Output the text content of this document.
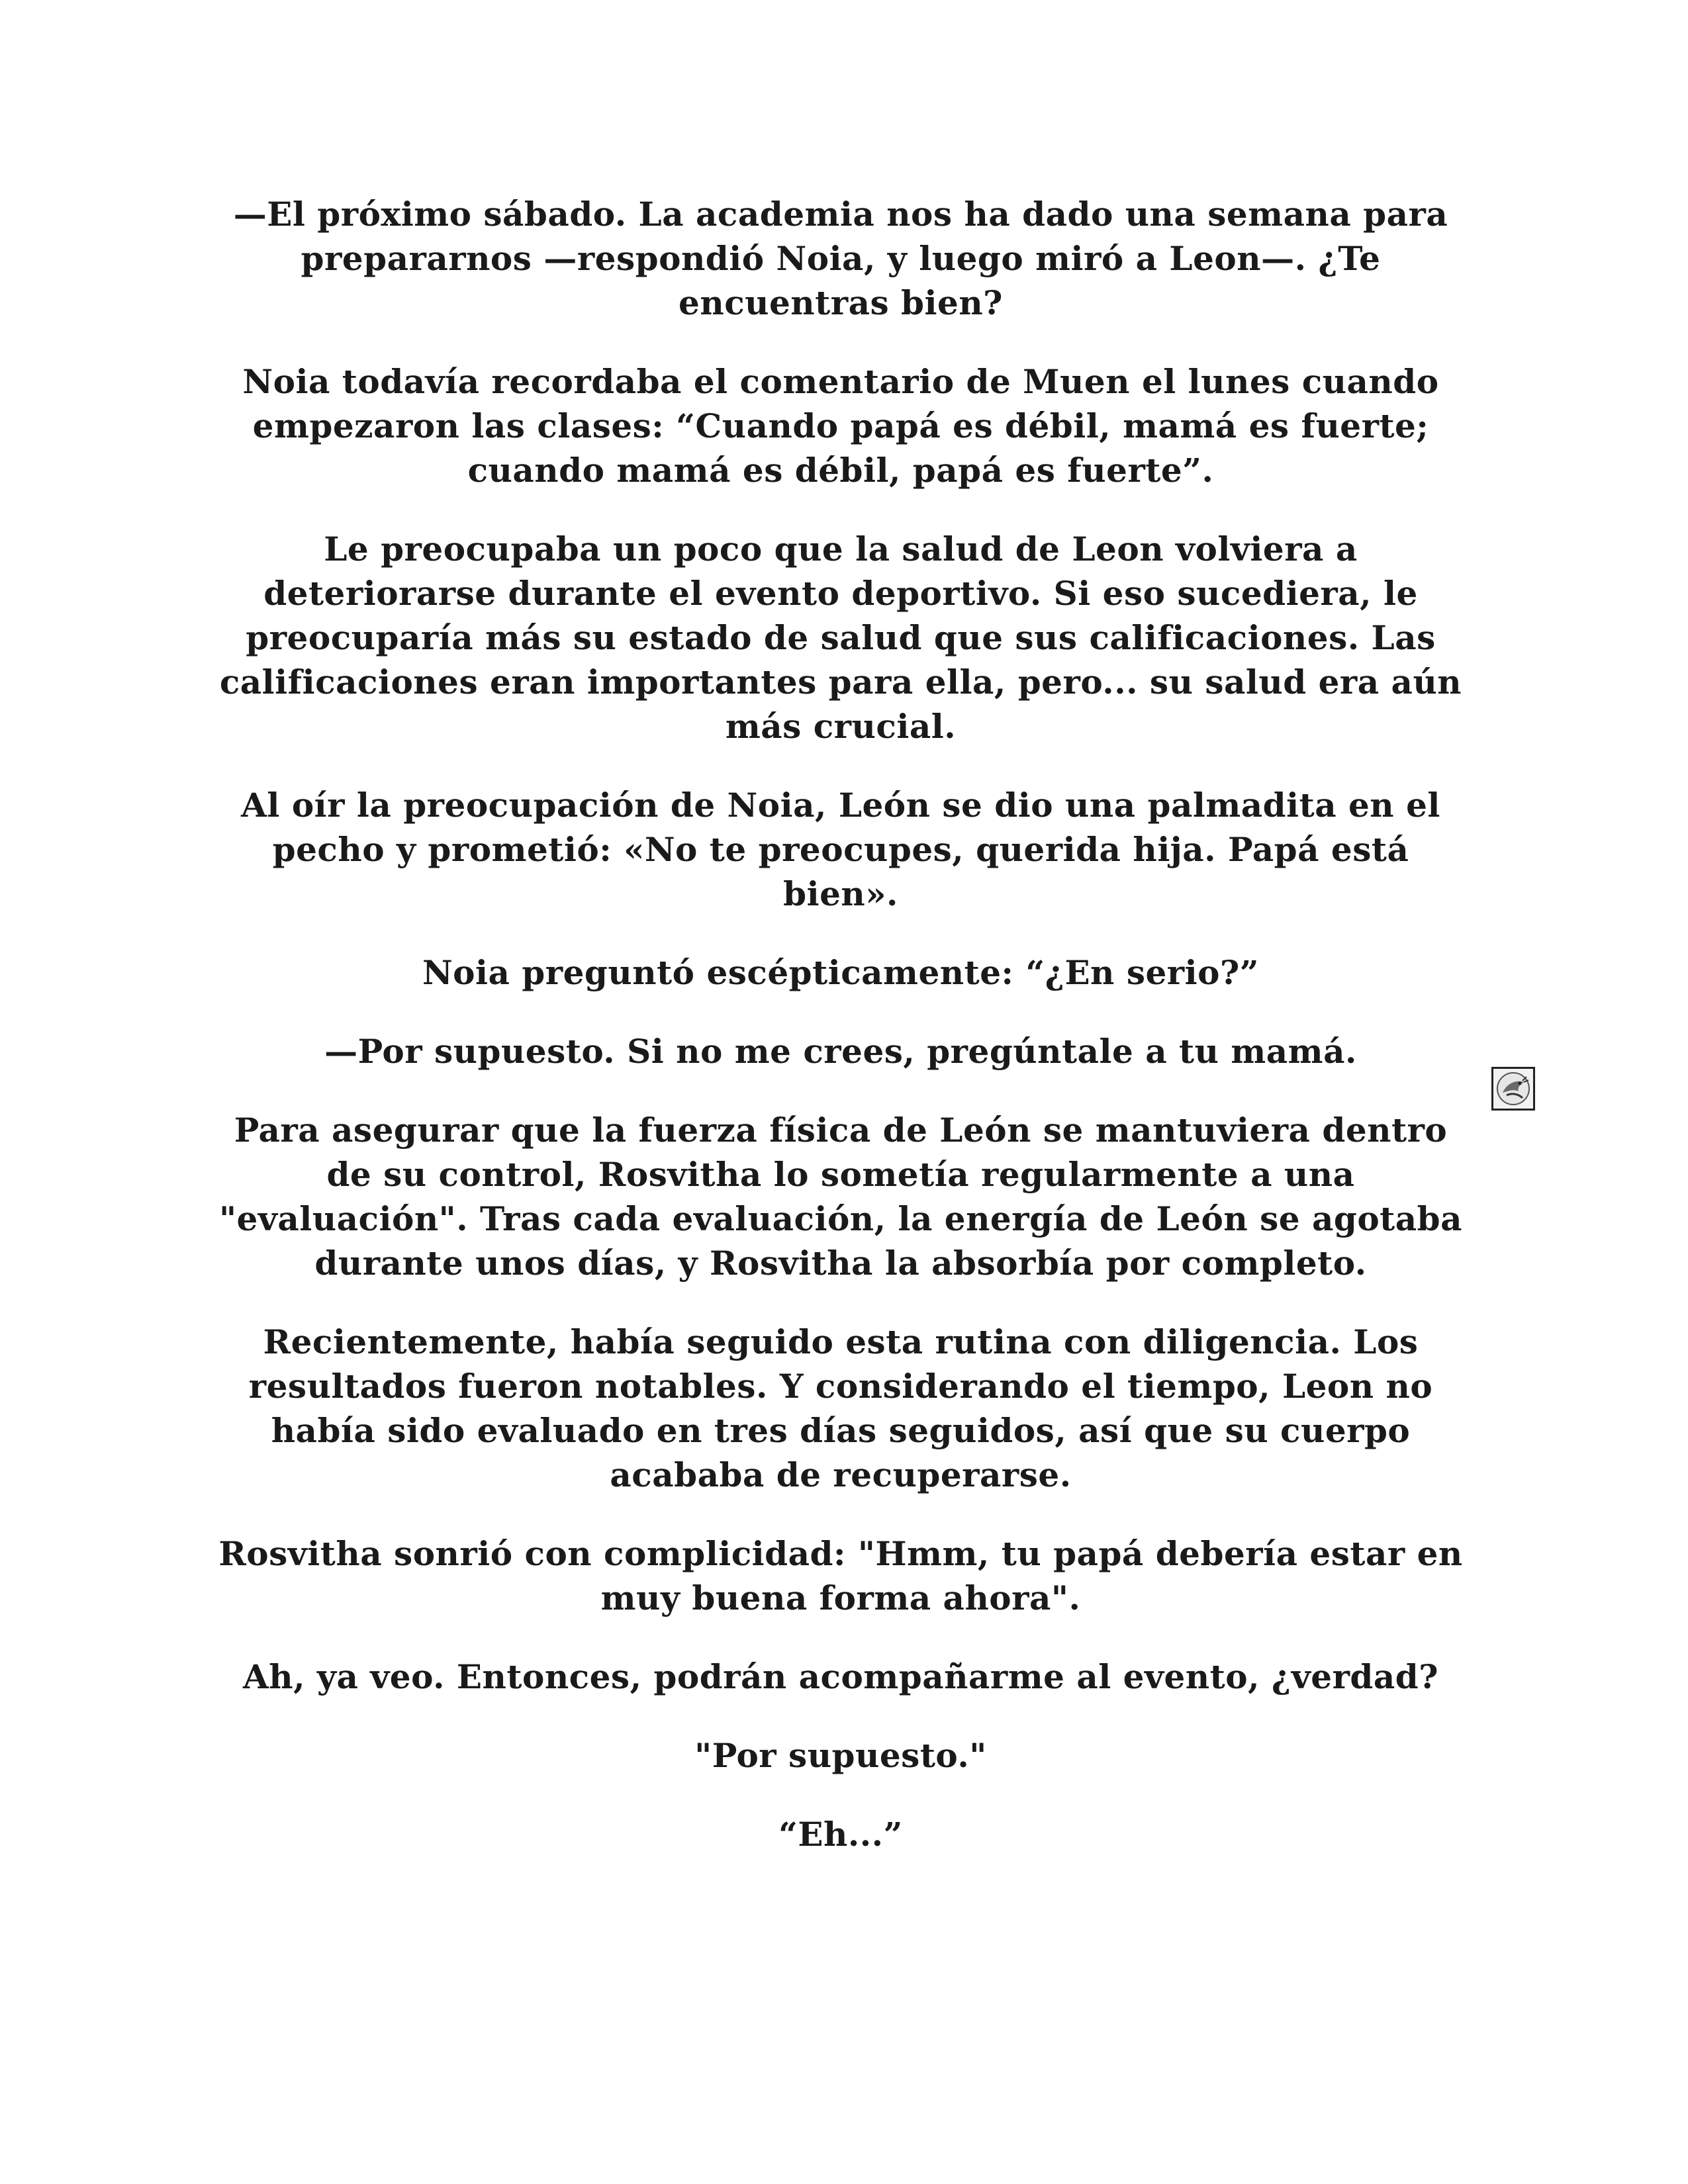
—El próximo sábado. La academia nos ha dado una semana para prepararnos —respondió Noia, y luego miró a Leon—. ¿Te encuentras bien?

Noia todavía recordaba el comentario de Muen el lunes cuando empezaron las clases: “Cuando papá es débil, mamá es fuerte; cuando mamá es débil, papá es fuerte”.

Le preocupaba un poco que la salud de Leon volviera a deteriorarse durante el evento deportivo. Si eso sucediera, le preocuparía más su estado de salud que sus calificaciones. Las calificaciones eran importantes para ella, pero... su salud era aún más crucial.

Al oír la preocupación de Noia, León se dio una palmadita en el pecho y prometió: «No te preocupes, querida hija. Papá está bien».

Noia preguntó escépticamente: “¿En serio?”

—Por supuesto. Si no me crees, pregúntale a tu mamá.

Para asegurar que la fuerza física de León se mantuviera dentro de su control, Rosvitha lo sometía regularmente a una "evaluación". Tras cada evaluación, la energía de León se agotaba durante unos días, y Rosvitha la absorbía por completo.

Recientemente, había seguido esta rutina con diligencia. Los resultados fueron notables. Y considerando el tiempo, Leon no había sido evaluado en tres días seguidos, así que su cuerpo acababa de recuperarse.

Rosvitha sonrió con complicidad: "Hmm, tu papá debería estar en muy buena forma ahora".

Ah, ya veo. Entonces, podrán acompañarme al evento, ¿verdad?

"Por supuesto."

“Eh...”
